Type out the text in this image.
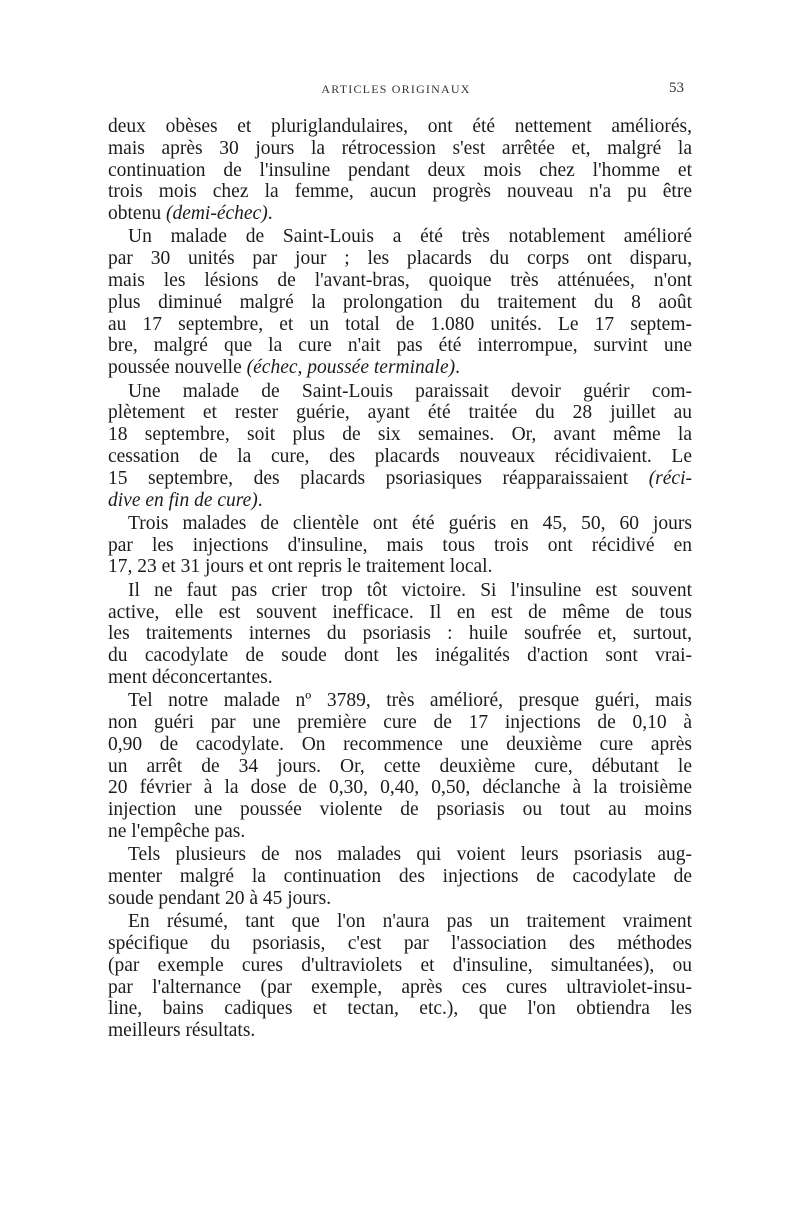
ARTICLES ORIGINAUX	53

deux obèses et pluriglandulaires, ont été nettement améliorés,
mais après 30 jours la rétrocession s'est arrêtée et, malgré la
continuation de l'insuline pendant deux mois chez l'homme et
trois mois chez la femme, aucun progrès nouveau n'a pu être
obtenu (demi-échec).

Un malade de Saint-Louis a été très notablement amélioré
par 30 unités par jour ; les placards du corps ont disparu,
mais les lésions de l'avant-bras, quoique très atténuées, n'ont
plus diminué malgré la prolongation du traitement du 8 août
au 17 septembre, et un total de 1.080 unités. Le 17 septem-
bre, malgré que la cure n'ait pas été interrompue, survint une
poussée nouvelle (échec, poussée terminale).

Une malade de Saint-Louis paraissait devoir guérir com-
plètement et rester guérie, ayant été traitée du 28 juillet au
18 septembre, soit plus de six semaines. Or, avant même la
cessation de la cure, des placards nouveaux récidivaient. Le
15 septembre, des placards psoriasiques réapparaissaient (réci-
dive en fin de cure).

Trois malades de clientèle ont été guéris en 45, 50, 60 jours
par les injections d'insuline, mais tous trois ont récidivé en
17, 23 et 31 jours et ont repris le traitement local.

Il ne faut pas crier trop tôt victoire. Si l'insuline est souvent
active, elle est souvent inefficace. Il en est de même de tous
les traitements internes du psoriasis : huile soufrée et, surtout,
du cacodylate de soude dont les inégalités d'action sont vrai-
ment déconcertantes.

Tel notre malade nº 3789, très amélioré, presque guéri, mais
non guéri par une première cure de 17 injections de 0,10 à
0,90 de cacodylate. On recommence une deuxième cure après
un arrêt de 34 jours. Or, cette deuxième cure, débutant le
20 février à la dose de 0,30, 0,40, 0,50, déclanche à la troisième
injection une poussée violente de psoriasis ou tout au moins
ne l'empêche pas.

Tels plusieurs de nos malades qui voient leurs psoriasis aug-
menter malgré la continuation des injections de cacodylate de
soude pendant 20 à 45 jours.

En résumé, tant que l'on n'aura pas un traitement vraiment
spécifique du psoriasis, c'est par l'association des méthodes
(par exemple cures d'ultraviolets et d'insuline, simultanées), ou
par l'alternance (par exemple, après ces cures ultraviolet-insu-
line, bains cadiques et tectan, etc.), que l'on obtiendra les
meilleurs résultats.
